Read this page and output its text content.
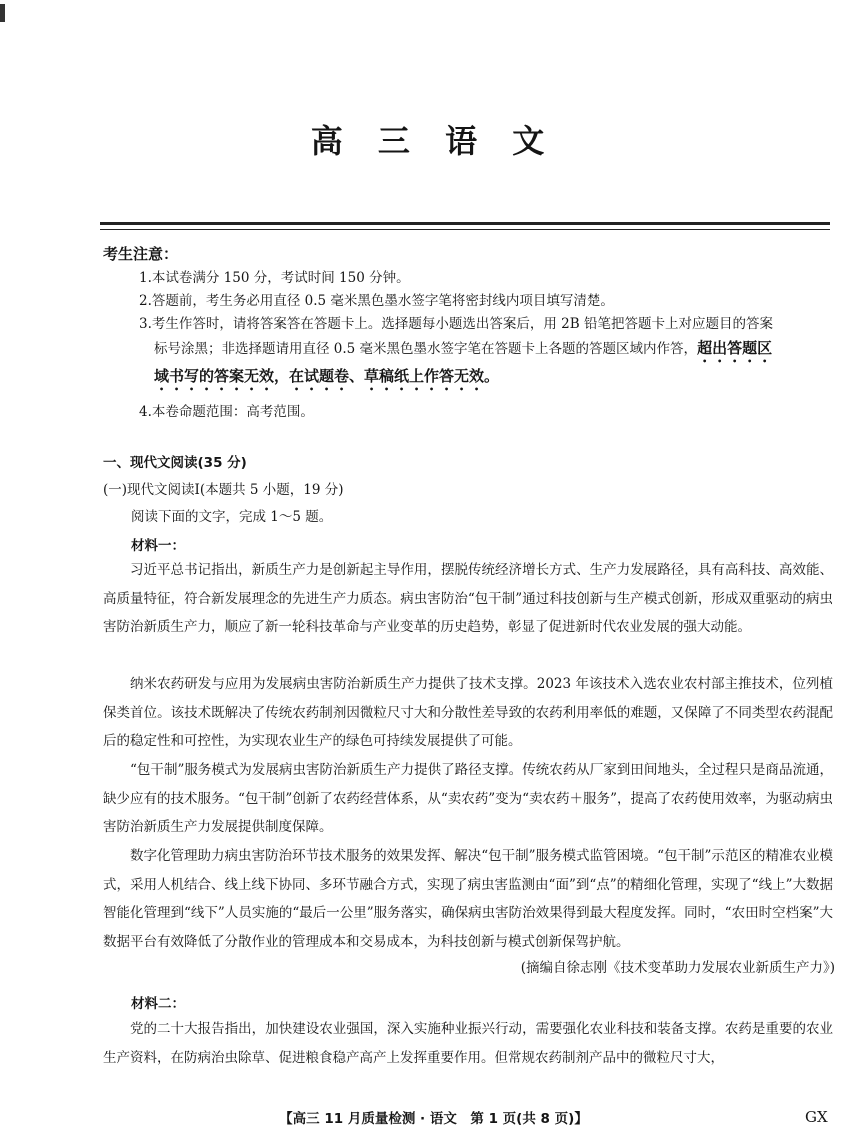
高 三 语 文
考生注意：
1.本试卷满分 150 分，考试时间 150 分钟。
2.答题前，考生务必用直径 0.5 毫米黑色墨水签字笔将密封线内项目填写清楚。
3.考生作答时，请将答案答在答题卡上。选择题每小题选出答案后，用 2B 铅笔把答题卡上对应题目的答案
标号涂黑；非选择题请用直径 0.5 毫米黑色墨水签字笔在答题卡上各题的答题区域内作答，超出答题区
域书写的答案无效，在试题卷、草稿纸上作答无效。
4.本卷命题范围：高考范围。
一、现代文阅读(35 分)
(一)现代文阅读Ⅰ(本题共 5 小题，19 分)
阅读下面的文字，完成 1～5 题。
材料一：
习近平总书记指出，新质生产力是创新起主导作用，摆脱传统经济增长方式、生产力发展路径，具有高科技、高效能、高质量特征，符合新发展理念的先进生产力质态。病虫害防治“包干制”通过科技创新与生产模式创新，形成双重驱动的病虫害防治新质生产力，顺应了新一轮科技革命与产业变革的历史趋势，彰显了促进新时代农业发展的强大动能。
纳米农药研发与应用为发展病虫害防治新质生产力提供了技术支撑。2023 年该技术入选农业农村部主推技术，位列植保类首位。该技术既解决了传统农药制剂因微粒尺寸大和分散性差导致的农药利用率低的难题，又保障了不同类型农药混配后的稳定性和可控性，为实现农业生产的绿色可持续发展提供了可能。
“包干制”服务模式为发展病虫害防治新质生产力提供了路径支撑。传统农药从厂家到田间地头，全过程只是商品流通，缺少应有的技术服务。“包干制”创新了农药经营体系，从“卖农药”变为“卖农药＋服务”，提高了农药使用效率，为驱动病虫害防治新质生产力发展提供制度保障。
数字化管理助力病虫害防治环节技术服务的效果发挥、解决“包干制”服务模式监管困境。“包干制”示范区的精准农业模式，采用人机结合、线上线下协同、多环节融合方式，实现了病虫害监测由“面”到“点”的精细化管理，实现了“线上”大数据智能化管理到“线下”人员实施的“最后一公里”服务落实，确保病虫害防治效果得到最大程度发挥。同时，“农田时空档案”大数据平台有效降低了分散作业的管理成本和交易成本，为科技创新与模式创新保驾护航。
(摘编自徐志刚《技术变革助力发展农业新质生产力》)
材料二：
党的二十大报告指出，加快建设农业强国，深入实施种业振兴行动，需要强化农业科技和装备支撑。农药是重要的农业生产资料，在防病治虫除草、促进粮食稳产高产上发挥重要作用。但常规农药制剂产品中的微粒尺寸大，
【高三 11 月质量检测 · 语文　第 1 页(共 8 页)】	GX
